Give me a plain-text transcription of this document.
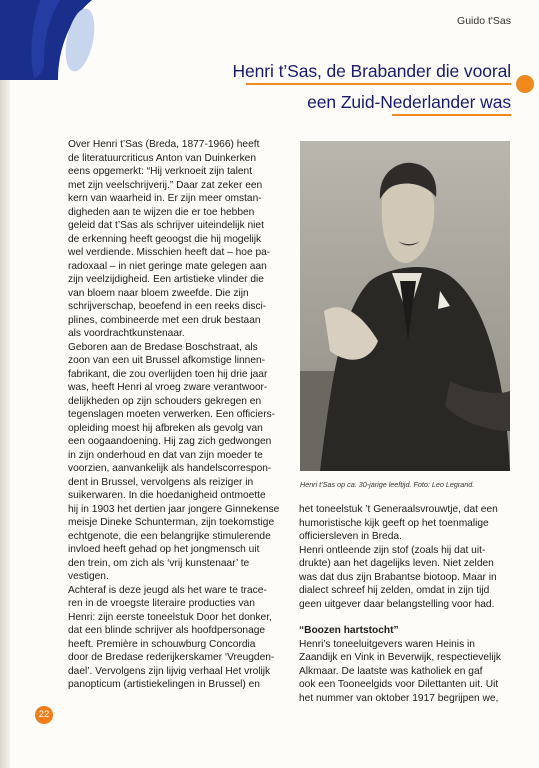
Guido t'Sas
Henri t’Sas, de Brabander die vooral
een Zuid-Nederlander was

Over Henri t’Sas (Breda, 1877-1966) heeft

de literatuurcriticus Anton van Duinkerken

eens opgemerkt: “Hij verknoeit zijn talent

met zijn veelschrijverij.” Daar zat zeker een

kern van waarheid in. Er zijn meer omstan-

digheden aan te wijzen die er toe hebben

geleid dat t’Sas als schrijver uiteindelijk niet

de erkenning heeft geoogst die hij mogelijk

wel verdiende. Misschien heeft dat – hoe pa-

radoxaal – in niet geringe mate gelegen aan

zijn veelzijdigheid. Een artistieke vlinder die

van bloem naar bloem zweefde. Die zijn

schrijverschap, beoefend in een reeks disci-

plines, combineerde met een druk bestaan

als voordrachtkunstenaar.

Geboren aan de Bredase Boschstraat, als

zoon van een uit Brussel afkomstige linnen-

fabrikant, die zou overlijden toen hij drie jaar

was, heeft Henri al vroeg zware verantwoor-

delijkheden op zijn schouders gekregen en

tegenslagen moeten verwerken. Een officiers-

opleiding moest hij afbreken als gevolg van

een oogaandoening. Hij zag zich gedwongen

in zijn onderhoud en dat van zijn moeder te

voorzien, aanvankelijk als handelscorrespon-

dent in Brussel, vervolgens als reiziger in

suikerwaren. In die hoedanigheid ontmoette

hij in 1903 het dertien jaar jongere Ginnekense

meisje Dineke Schunterman, zijn toekomstige

echtgenote, die een belangrijke stimulerende

invloed heeft gehad op het jongmensch uit

den trein, om zich als ‘vrij kunstenaar’ te

vestigen.

Achteraf is deze jeugd als het ware te trace-

ren in de vroegste literaire producties van

Henri: zijn eerste toneelstuk Door het donker,

dat een blinde schrijver als hoofdpersonage

heeft. Première in schouwburg Concordia

door de Bredase rederijkerskamer ‘Vreugden-

dael’. Vervolgens zijn lijvig verhaal Het vrolijk

panopticum (artistiekelingen in Brussel) en

Henri t’Sas op ca. 30-jarige leeftijd. Foto: Leo Legrand.

het toneelstuk ’t Generaalsvrouwtje, dat een

humoristische kijk geeft op het toenmalige

officiersleven in Breda.

Henri ontleende zijn stof (zoals hij dat uit-

drukte) aan het dagelijks leven. Niet zelden

was dat dus zijn Brabantse biotoop. Maar in

dialect schreef hij zelden, omdat in zijn tijd

geen uitgever daar belangstelling voor had.

“Boozen hartstocht”

Henri’s toneeluitgevers waren Heinis in

Zaandijk en Vink in Beverwijk, respectievelijk

Alkmaar. De laatste was katholiek en gaf

ook een Tooneelgids voor Dilettanten uit. Uit

het nummer van oktober 1917 begrijpen we,

22
